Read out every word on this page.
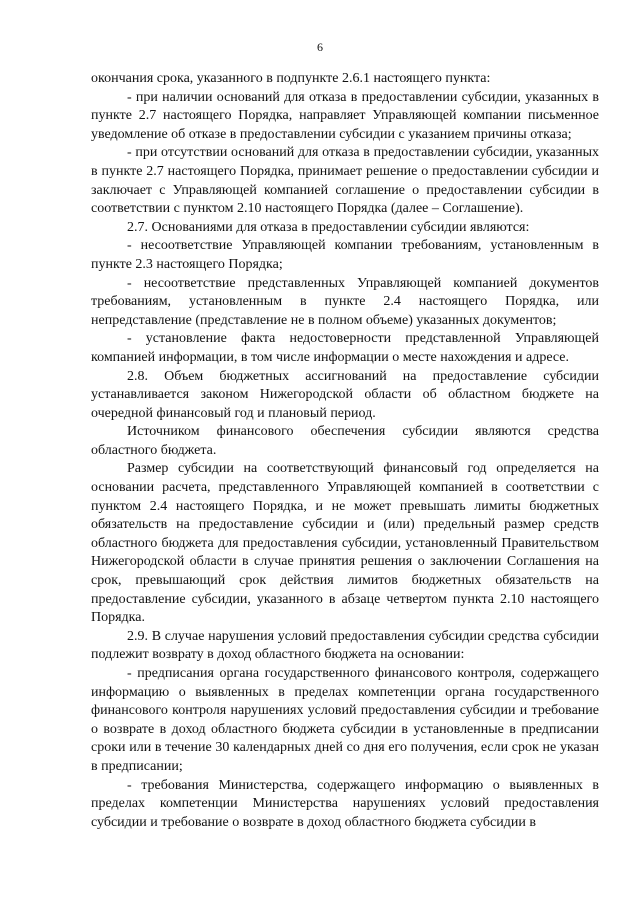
6

окончания срока, указанного в подпункте 2.6.1 настоящего пункта:

- при наличии оснований для отказа в предоставлении субсидии, указанных в пункте 2.7 настоящего Порядка, направляет Управляющей компании письменное уведомление об отказе в предоставлении субсидии с указанием причины отказа;

- при отсутствии оснований для отказа в предоставлении субсидии, указанных в пункте 2.7 настоящего Порядка, принимает решение о предоставлении субсидии и заключает с Управляющей компанией соглашение о предоставлении субсидии в соответствии с пунктом 2.10 настоящего Порядка (далее – Соглашение).

2.7. Основаниями для отказа в предоставлении субсидии являются:

- несоответствие Управляющей компании требованиям, установленным в пункте 2.3 настоящего Порядка;

- несоответствие представленных Управляющей компанией документов требованиям, установленным в пункте 2.4 настоящего Порядка, или непредставление (представление не в полном объеме) указанных документов;

- установление факта недостоверности представленной Управляющей компанией информации, в том числе информации о месте нахождения и адресе.

2.8. Объем бюджетных ассигнований на предоставление субсидии устанавливается законом Нижегородской области об областном бюджете на очередной финансовый год и плановый период.

Источником финансового обеспечения субсидии являются средства областного бюджета.

Размер субсидии на соответствующий финансовый год определяется на основании расчета, представленного Управляющей компанией в соответствии с пунктом 2.4 настоящего Порядка, и не может превышать лимиты бюджетных обязательств на предоставление субсидии и (или) предельный размер средств областного бюджета для предоставления субсидии, установленный Правительством Нижегородской области в случае принятия решения о заключении Соглашения на срок, превышающий срок действия лимитов бюджетных обязательств на предоставление субсидии, указанного в абзаце четвертом пункта 2.10 настоящего Порядка.

2.9. В случае нарушения условий предоставления субсидии средства субсидии подлежит возврату в доход областного бюджета на основании:

- предписания органа государственного финансового контроля, содержащего информацию о выявленных в пределах компетенции органа государственного финансового контроля нарушениях условий предоставления субсидии и требование о возврате в доход областного бюджета субсидии в установленные в предписании сроки или в течение 30 календарных дней со дня его получения, если срок не указан в предписании;

- требования Министерства, содержащего информацию о выявленных в пределах компетенции Министерства нарушениях условий предоставления субсидии и требование о возврате в доход областного бюджета субсидии в
